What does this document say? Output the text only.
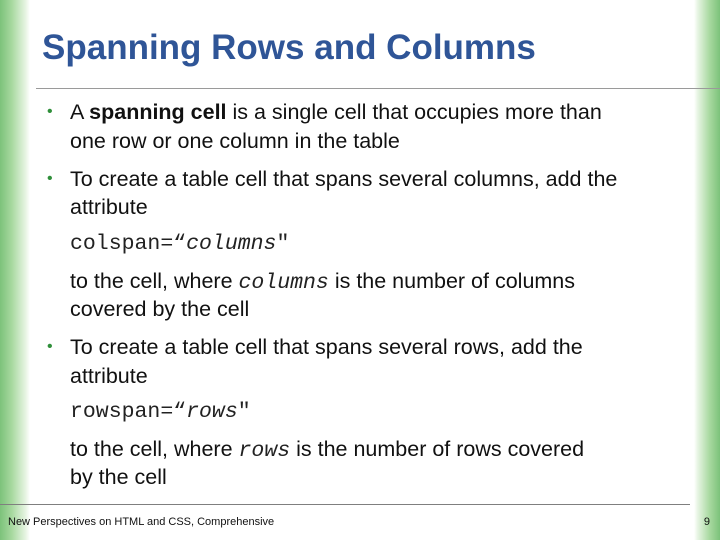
Spanning Rows and Columns
• A spanning cell is a single cell that occupies more than
one row or one column in the table
• To create a table cell that spans several columns, add the
attribute
colspan=“columns"
to the cell, where columns is the number of columns
covered by the cell
• To create a table cell that spans several rows, add the
attribute
rowspan=“rows"
to the cell, where rows is the number of rows covered
by the cell
New Perspectives on HTML and CSS, Comprehensive	9
